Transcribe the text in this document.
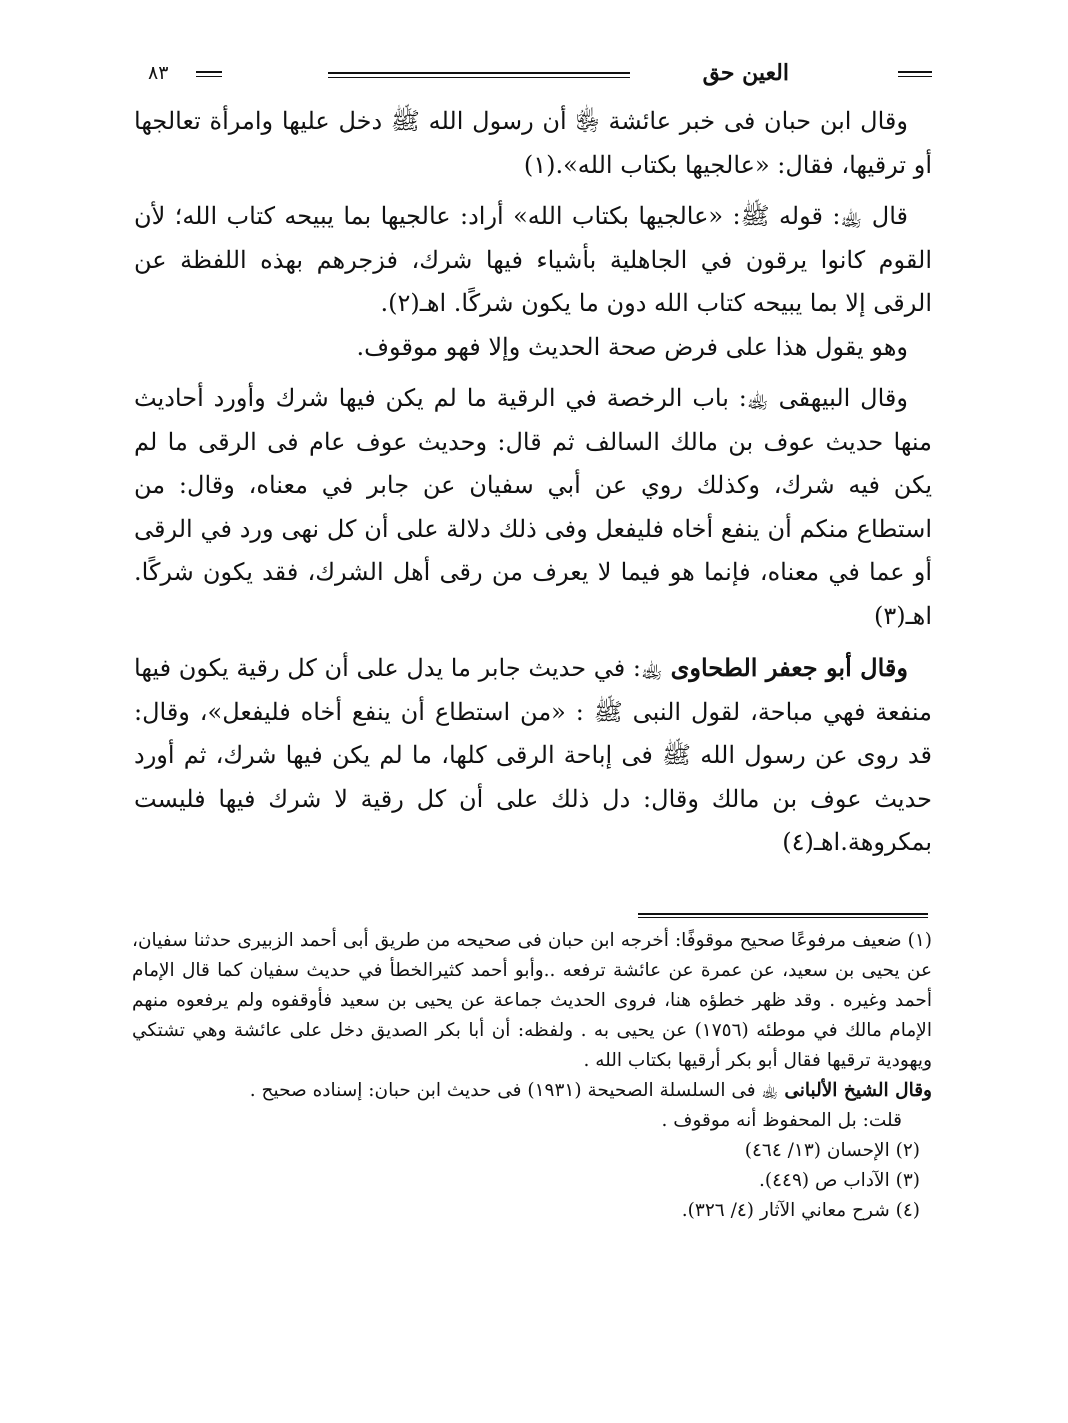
العين حق
٨٣

وقال ابن حبان فى خبر عائشة ﵂ أن رسول الله ﷺ دخل عليها وامرأة تعالجها أو ترقيها، فقال: «عالجيها بكتاب الله».(١)

قال ﵀: قوله ﷺ: «عالجيها بكتاب الله» أراد: عالجيها بما يبيحه كتاب الله؛ لأن القوم كانوا يرقون في الجاهلية بأشياء فيها شرك، فزجرهم بهذه اللفظة عن الرقى إلا بما يبيحه كتاب الله دون ما يكون شركًا. اهـ(٢).

وهو يقول هذا على فرض صحة الحديث وإلا فهو موقوف.

وقال البيهقى ﵀: باب الرخصة في الرقية ما لم يكن فيها شرك وأورد أحاديث منها حديث عوف بن مالك السالف ثم قال: وحديث عوف عام فى الرقى ما لم يكن فيه شرك، وكذلك روي عن أبي سفيان عن جابر في معناه، وقال: من استطاع منكم أن ينفع أخاه فليفعل وفى ذلك دلالة على أن كل نهى ورد في الرقى أو عما في معناه، فإنما هو فيما لا يعرف من رقى أهل الشرك، فقد يكون شركًا. اهـ(٣)

وقال أبو جعفر الطحاوى ﵀: في حديث جابر ما يدل على أن كل رقية يكون فيها منفعة فهي مباحة، لقول النبى ﷺ : «من استطاع أن ينفع أخاه فليفعل»، وقال: قد روى عن رسول الله ﷺ فى إباحة الرقى كلها، ما لم يكن فيها شرك، ثم أورد حديث عوف بن مالك وقال: دل ذلك على أن كل رقية لا شرك فيها فليست بمكروهة.اهـ(٤)

(١) ضعيف مرفوعًا صحيح موقوفًا: أخرجه ابن حبان فى صحيحه من طريق أبى أحمد الزبيرى حدثنا سفيان، عن يحيى بن سعيد، عن عمرة عن عائشة ترفعه ..وأبو أحمد كثيرالخطأ في حديث سفيان كما قال الإمام أحمد وغيره . وقد ظهر خطؤه هنا، فروى الحديث جماعة عن يحيى بن سعيد فأوقفوه ولم يرفعوه منهم الإمام مالك في موطئه (١٧٥٦) عن يحيى به . ولفظه: أن أبا بكر الصديق دخل على عائشة وهي تشتكي ويهودية ترقيها فقال أبو بكر أرقيها بكتاب الله .

وقال الشيخ الألبانى ﵀ فى السلسلة الصحيحة (١٩٣١) فى حديث ابن حبان: إسناده صحيح .

قلت: بل المحفوظ أنه موقوف .

(٢) الإحسان (١٣/ ٤٦٤)

(٣) الآداب ص (٤٤٩).

(٤) شرح معاني الآثار (٤/ ٣٢٦).
